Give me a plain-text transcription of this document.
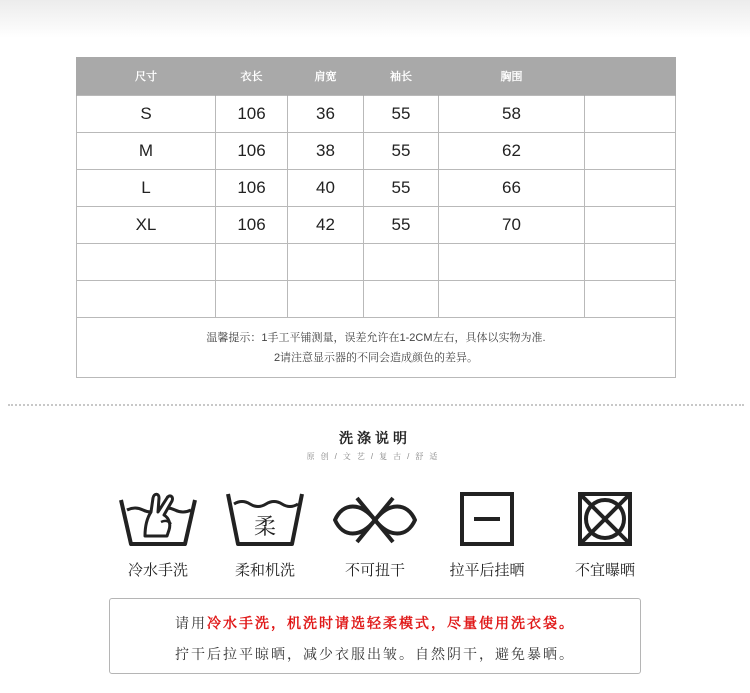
尺寸	衣长	肩宽	袖长	胸围	
S	106	36	55	58	
M	106	38	55	62	
L	106	40	55	66	
XL	106	42	55	70	

温馨提示：1手工平铺测量，误差允许在1-2CM左右，具体以实物为准.
2请注意显示器的不同会造成颜色的差异。					
洗涤说明
原创/文艺/复古/舒适
冷水手洗
柔
柔和机洗	不可扭干	拉平后挂晒	不宜曝晒
请用冷水手洗，机洗时请选轻柔模式，尽量使用洗衣袋。
拧干后拉平晾晒，减少衣服出皱。自然阴干，避免暴晒。
